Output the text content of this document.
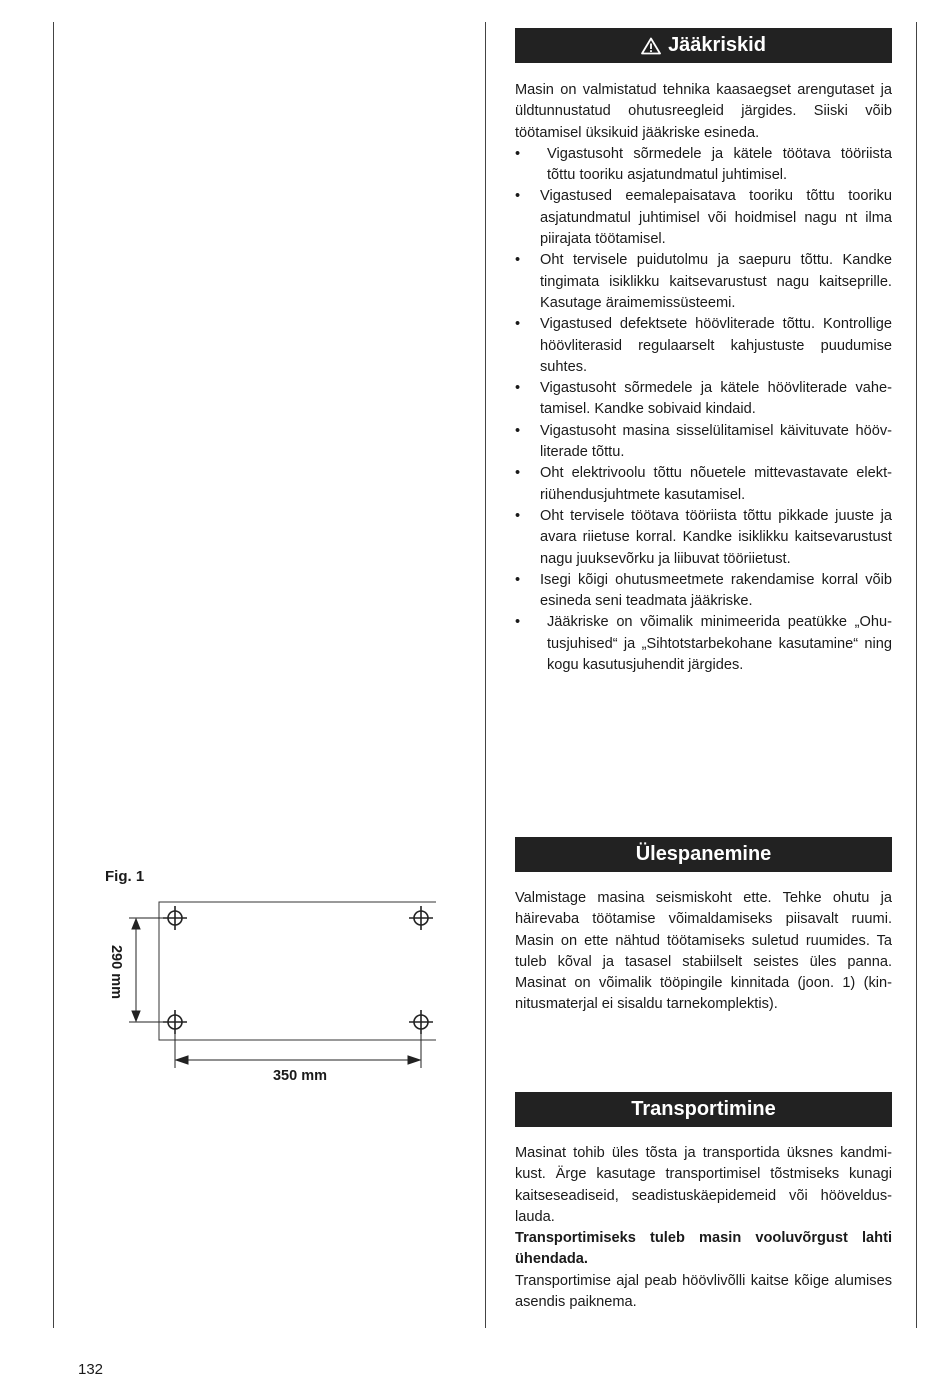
Jääkriskid

Masin on valmistatud tehnika kaasaegset arengutaset ja üldtunnustatud ohutusreegleid järgides. Siiski võib töötamisel üksikuid jääkriske esineda.

• Vigastusoht sõrmedele ja kätele töötava tööriista tõttu tooriku asjatundmatul juhtimisel.
• Vigastused eemalepaisatava tooriku tõttu tooriku asjatundmatul juhtimisel või hoidmisel nagu nt ilma piirajata töötamisel.
• Oht tervisele puidutolmu ja saepuru tõttu. Kandke tingimata isiklikku kaitsevarustust nagu kaitseprille. Kasutage äraimemissüsteemi.
• Vigastused defektsete höövliterade tõttu. Kontrollige höövliterasid regulaarselt kahjustuste puudumise suhtes.
• Vigastusoht sõrmedele ja kätele höövliterade vahetamisel. Kandke sobivaid kindaid.
• Vigastusoht masina sisselülitamisel käivituvate höövliterade tõttu.
• Oht elektrivoolu tõttu nõuetele mittevastavate elektriühendusjuhtmete kasutamisel.
• Oht tervisele töötava tööriista tõttu pikkade juuste ja avara riietuse korral. Kandke isiklikku kaitsevarustust nagu juuksevõrku ja liibuvat tööriietust.
• Isegi kõigi ohutusmeetmete rakendamise korral võib esineda seni teadmata jääkriske.
• Jääkriske on võimalik minimeerida peatükke „Ohutusjuhised“ ja „Sihtotstarbekohane kasutamine“ ning kogu kasutusjuhendit järgides.
Ülespanemine

Valmistage masina seismiskoht ette. Tehke ohutu ja häirevaba töötamise võimaldamiseks piisavalt ruumi. Masin on ette nähtud töötamiseks suletud ruumides. Ta tuleb kõval ja tasasel stabiilselt seistes üles panna. Masinat on võimalik tööpingile kinnitada (joon. 1) (kinnitusmaterjal ei sisaldu tarnekomplektis).

Transportimine

Masinat tohib üles tõsta ja transportida üksnes kandmikust. Ärge kasutage transportimisel tõstmiseks kunagi kaitseseadiseid, seadistuskäepidemeid või höövelduslauda.

Transportimiseks tuleb masin vooluvõrgust lahti ühendada.

Transportimise ajal peab höövlivõlli kaitse kõige alumises asendis paiknema.

Fig. 1
290 mm
350 mm
132
